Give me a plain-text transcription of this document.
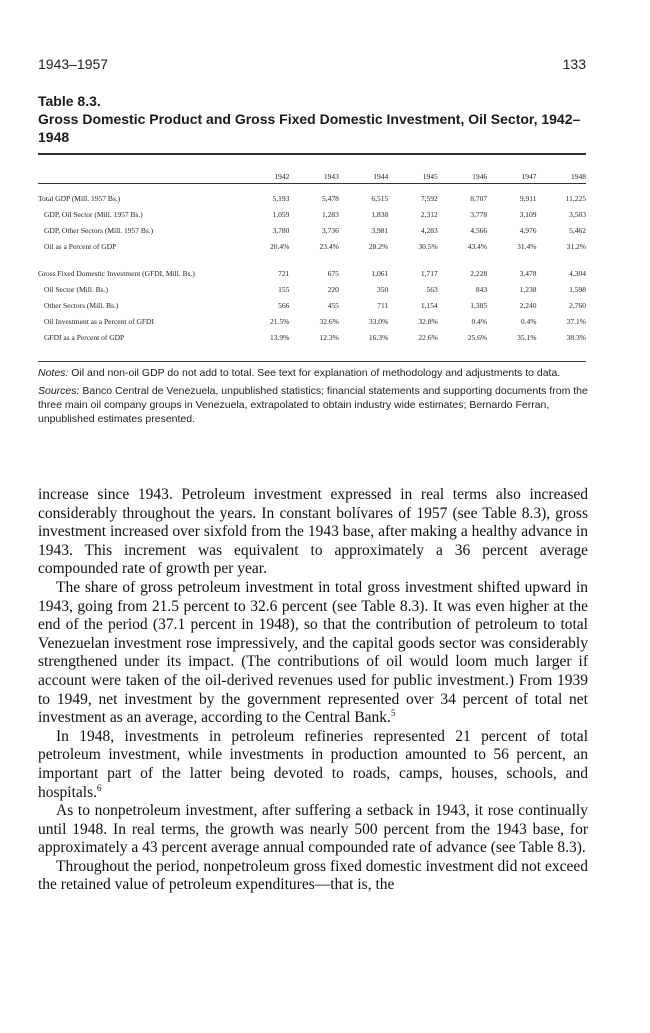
1943–1957	133
Table 8.3.
Gross Domestic Product and Gross Fixed Domestic Investment, Oil Sector, 1942–1948
	1942	1943	1944	1945	1946	1947	1948
Total GDP (Mill. 1957 Bs.)	5,193	5,478	6,515	7,592	8,707	9,911	11,225
GDP, Oil Sector (Mill. 1957 Bs.)	1,059	1,283	1,838	2,312	3,778	3,109	3,503
GDP, Other Sectors (Mill. 1957 Bs.)	3,780	3,736	3,981	4,283	4,566	4,976	5,462
Oil as a Percent of GDP	20.4%	23.4%	28.2%	30.5%	43.4%	31.4%	31.2%

Gross Fixed Domestic Investment (GFDI, Mill. Bs.)	721	675	1,061	1,717	2,228	3,478	4,304
Oil Sector (Mill. Bs.)	155	220	350	563	843	1,238	1,598
Other Sectors (Mill. Bs.)	566	455	711	1,154	1,385	2,240	2,760
Oil Investment as a Percent of GFDI	21.5%	32.6%	33.0%	32.8%	0.4%	0.4%	37.1%
GFDI as a Percent of GDP	13.9%	12.3%	16.3%	22.6%	25.6%	35.1%	38.3%

Notes: Oil and non-oil GDP do not add to total. See text for explanation of methodology and adjustments to data.

Sources: Banco Central de Venezuela, unpublished statistics; financial statements and supporting documents from the three main oil company groups in Venezuela, extrapolated to obtain industry wide estimates; Bernardo Ferran, unpublished estimates presented.

increase since 1943. Petroleum investment expressed in real terms also increased considerably throughout the years. In constant bolívares of 1957 (see Table 8.3), gross investment increased over sixfold from the 1943 base, after making a healthy advance in 1943. This increment was equivalent to approximately a 36 percent average compounded rate of growth per year.

The share of gross petroleum investment in total gross investment shifted upward in 1943, going from 21.5 percent to 32.6 percent (see Table 8.3). It was even higher at the end of the period (37.1 percent in 1948), so that the contribution of petroleum to total Venezuelan investment rose impressively, and the capital goods sector was considerably strengthened under its impact. (The contributions of oil would loom much larger if account were taken of the oil-derived revenues used for public investment.) From 1939 to 1949, net investment by the government represented over 34 percent of total net investment as an average, according to the Central Bank.$^5$

In 1948, investments in petroleum refineries represented 21 percent of total petroleum investment, while investments in production amounted to 56 percent, an important part of the latter being devoted to roads, camps, houses, schools, and hospitals.$^6$

As to nonpetroleum investment, after suffering a setback in 1943, it rose continually until 1948. In real terms, the growth was nearly 500 percent from the 1943 base, for approximately a 43 percent average annual compounded rate of advance (see Table 8.3).

Throughout the period, nonpetroleum gross fixed domestic investment did not exceed the retained value of petroleum expenditures—that is, the
